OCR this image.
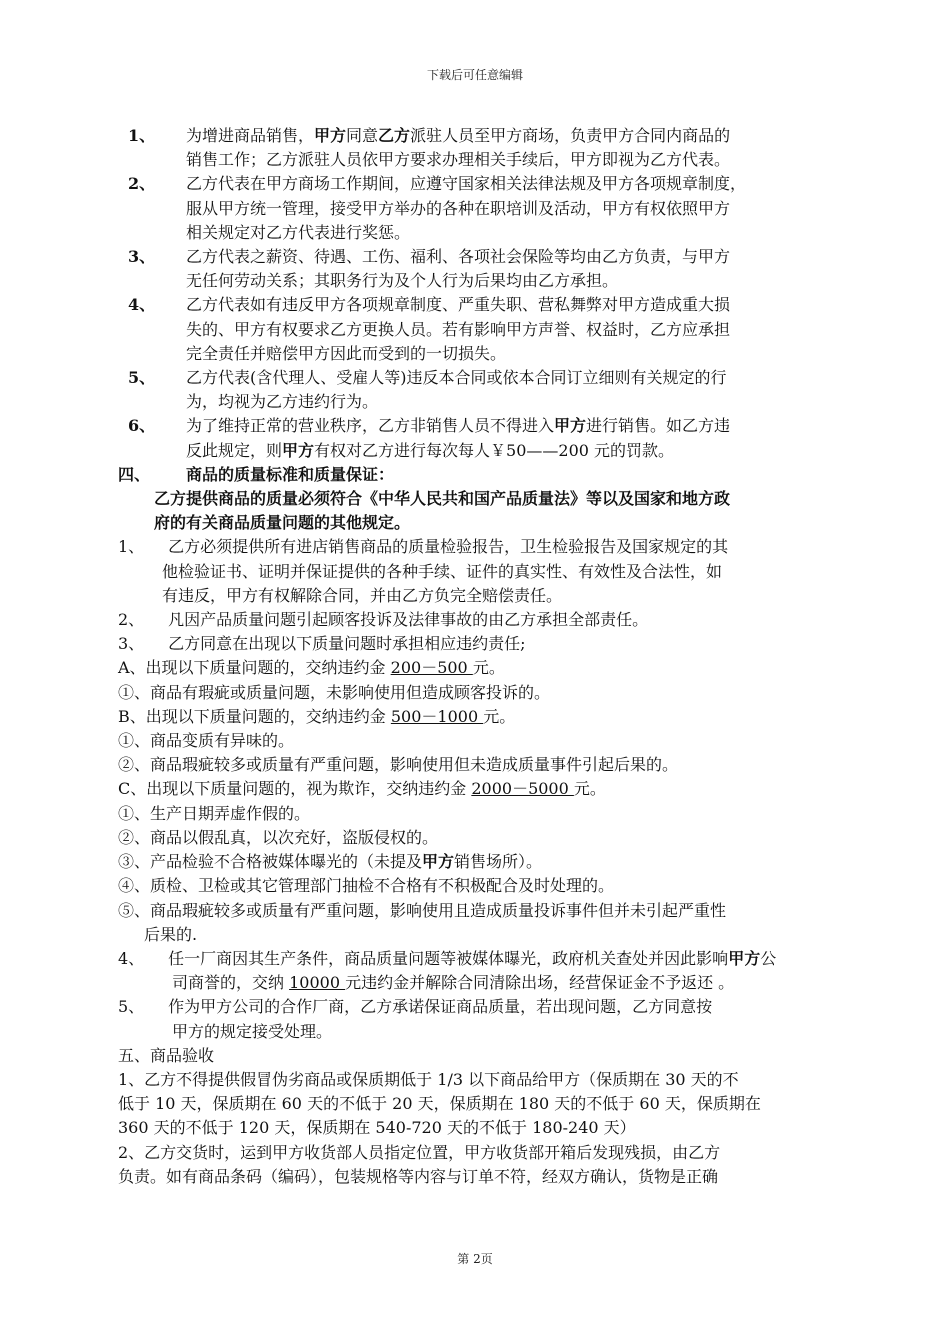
下载后可任意编辑
1、 为增进商品销售，甲方同意乙方派驻人员至甲方商场，负责甲方合同内商品的
销售工作；乙方派驻人员依甲方要求办理相关手续后，甲方即视为乙方代表。
2、 乙方代表在甲方商场工作期间，应遵守国家相关法律法规及甲方各项规章制度，
服从甲方统一管理，接受甲方举办的各种在职培训及活动，甲方有权依照甲方
相关规定对乙方代表进行奖惩。
3、 乙方代表之薪资、待遇、工伤、福利、各项社会保险等均由乙方负责，与甲方
无任何劳动关系；其职务行为及个人行为后果均由乙方承担。
4、 乙方代表如有违反甲方各项规章制度、严重失职、营私舞弊对甲方造成重大损
失的、甲方有权要求乙方更换人员。若有影响甲方声誉、权益时，乙方应承担
完全责任并赔偿甲方因此而受到的一切损失。
5、 乙方代表(含代理人、受雇人等)违反本合同或依本合同订立细则有关规定的行
为，均视为乙方违约行为。
6、 为了维持正常的营业秩序，乙方非销售人员不得进入甲方进行销售。如乙方违
反此规定，则甲方有权对乙方进行每次每人￥50——200 元的罚款。
四、 商品的质量标准和质量保证：
乙方提供商品的质量必须符合《中华人民共和国产品质量法》等以及国家和地方政
府的有关商品质量问题的其他规定。
1、　　乙方必须提供所有进店销售商品的质量检验报告，卫生检验报告及国家规定的其
他检验证书、证明并保证提供的各种手续、证件的真实性、有效性及合法性，如
有违反，甲方有权解除合同，并由乙方负完全赔偿责任。
2、　　凡因产品质量问题引起顾客投诉及法律事故的由乙方承担全部责任。
3、　　乙方同意在出现以下质量问题时承担相应违约责任;
A、出现以下质量问题的，交纳违约金 200－500 元。
①、商品有瑕疵或质量问题，未影响使用但造成顾客投诉的。
B、出现以下质量问题的，交纳违约金 500－1000 元。
①、商品变质有异味的。
②、商品瑕疵较多或质量有严重问题，影响使用但未造成质量事件引起后果的。
C、出现以下质量问题的，视为欺诈，交纳违约金 2000－5000 元。
①、生产日期弄虚作假的。
②、商品以假乱真，以次充好，盗版侵权的。
③、产品检验不合格被媒体曝光的（未提及甲方销售场所）。
④、质检、卫检或其它管理部门抽检不合格有不积极配合及时处理的。
⑤、商品瑕疵较多或质量有严重问题，影响使用且造成质量投诉事件但并未引起严重性
后果的.
4、　　任一厂商因其生产条件，商品质量问题等被媒体曝光，政府机关查处并因此影响甲方公
司商誉的，交纳 10000 元违约金并解除合同清除出场，经营保证金不予返还 。
5、　　作为甲方公司的合作厂商，乙方承诺保证商品质量，若出现问题，乙方同意按
甲方的规定接受处理。
五、商品验收
1、乙方不得提供假冒伪劣商品或保质期低于 1/3 以下商品给甲方（保质期在 30 天的不
低于 10 天，保质期在 60 天的不低于 20 天，保质期在 180 天的不低于 60 天，保质期在
360 天的不低于 120 天，保质期在 540-720 天的不低于 180-240 天）
2、乙方交货时，运到甲方收货部人员指定位置，甲方收货部开箱后发现残损，由乙方
负责。如有商品条码（编码），包装规格等内容与订单不符，经双方确认，货物是正确
第 2页
